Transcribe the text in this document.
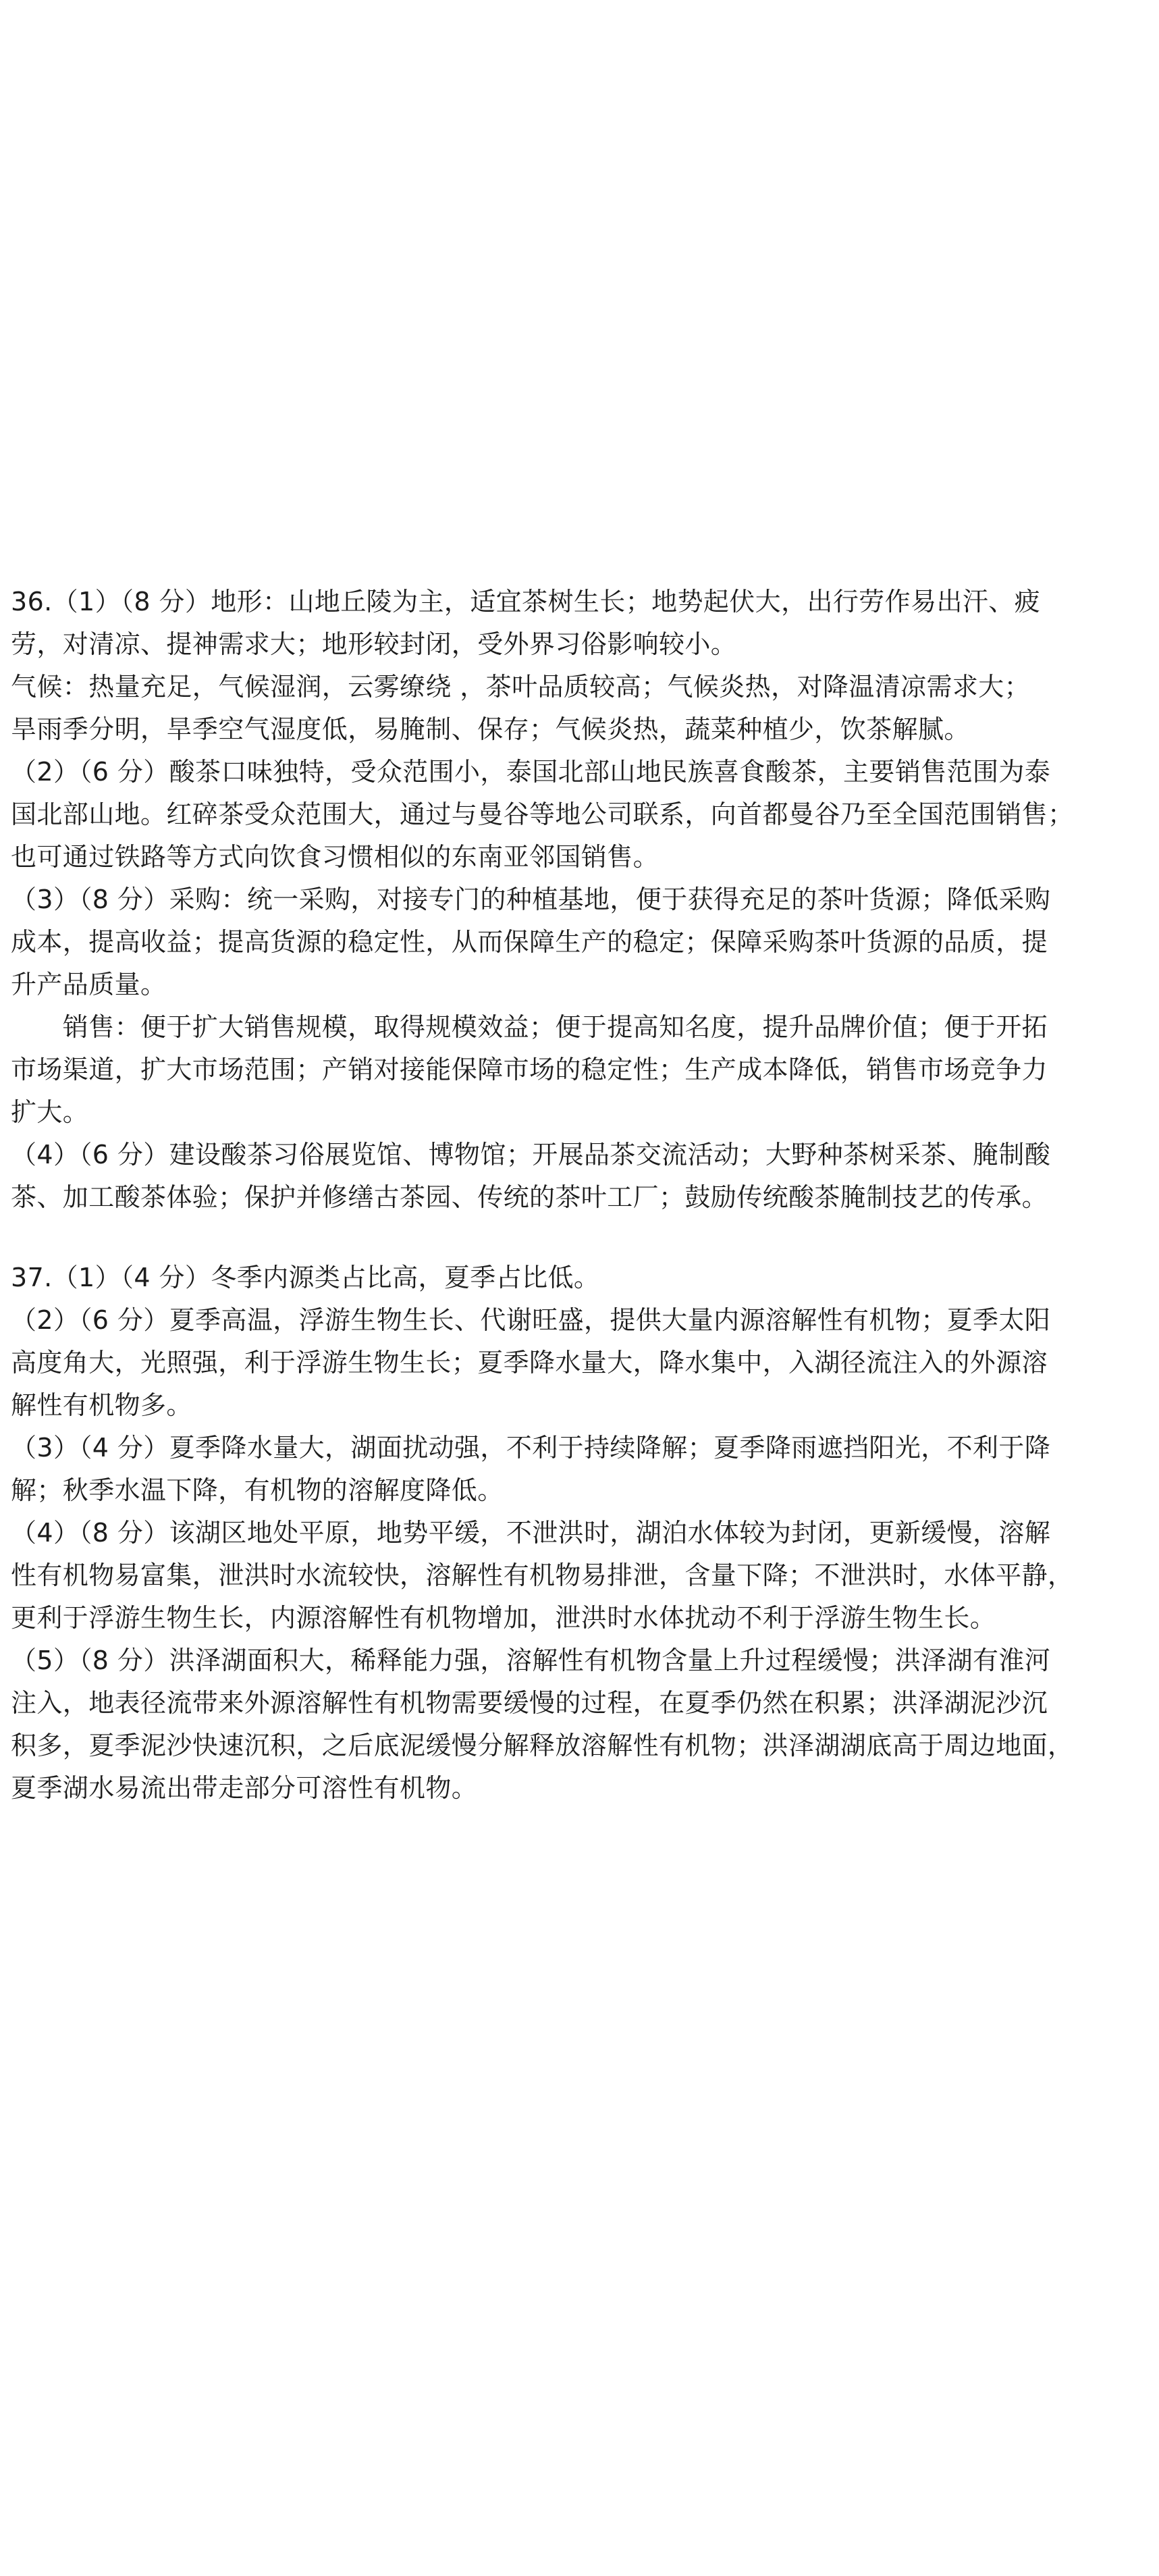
36.（1）（8 分）地形：山地丘陵为主，适宜茶树生长；地势起伏大，出行劳作易出汗、疲

劳，对清凉、提神需求大；地形较封闭，受外界习俗影响较小。

气候：热量充足，气候湿润，云雾缭绕 ，茶叶品质较高；气候炎热，对降温清凉需求大；

旱雨季分明，旱季空气湿度低，易腌制、保存；气候炎热，蔬菜种植少，饮茶解腻。

（2）（6 分）酸茶口味独特，受众范围小，泰国北部山地民族喜食酸茶，主要销售范围为泰

国北部山地。红碎茶受众范围大，通过与曼谷等地公司联系，向首都曼谷乃至全国范围销售；

也可通过铁路等方式向饮食习惯相似的东南亚邻国销售。

（3）（8 分）采购：统一采购，对接专门的种植基地，便于获得充足的茶叶货源；降低采购

成本，提高收益；提高货源的稳定性，从而保障生产的稳定；保障采购茶叶货源的品质，提

升产品质量。

　　销售：便于扩大销售规模，取得规模效益；便于提高知名度，提升品牌价值；便于开拓

市场渠道，扩大市场范围；产销对接能保障市场的稳定性；生产成本降低，销售市场竞争力

扩大。

（4）（6 分）建设酸茶习俗展览馆、博物馆；开展品茶交流活动；大野种茶树采茶、腌制酸

茶、加工酸茶体验；保护并修缮古茶园、传统的茶叶工厂；鼓励传统酸茶腌制技艺的传承。

37.（1）（4 分）冬季内源类占比高，夏季占比低。

（2）（6 分）夏季高温，浮游生物生长、代谢旺盛，提供大量内源溶解性有机物；夏季太阳

高度角大，光照强，利于浮游生物生长；夏季降水量大，降水集中，入湖径流注入的外源溶

解性有机物多。

（3）（4 分）夏季降水量大，湖面扰动强，不利于持续降解；夏季降雨遮挡阳光，不利于降

解；秋季水温下降，有机物的溶解度降低。

（4）（8 分）该湖区地处平原，地势平缓，不泄洪时，湖泊水体较为封闭，更新缓慢，溶解

性有机物易富集，泄洪时水流较快，溶解性有机物易排泄，含量下降；不泄洪时，水体平静，

更利于浮游生物生长，内源溶解性有机物增加，泄洪时水体扰动不利于浮游生物生长。

（5）（8 分）洪泽湖面积大，稀释能力强，溶解性有机物含量上升过程缓慢；洪泽湖有淮河

注入，地表径流带来外源溶解性有机物需要缓慢的过程，在夏季仍然在积累；洪泽湖泥沙沉

积多，夏季泥沙快速沉积，之后底泥缓慢分解释放溶解性有机物；洪泽湖湖底高于周边地面，

夏季湖水易流出带走部分可溶性有机物。
